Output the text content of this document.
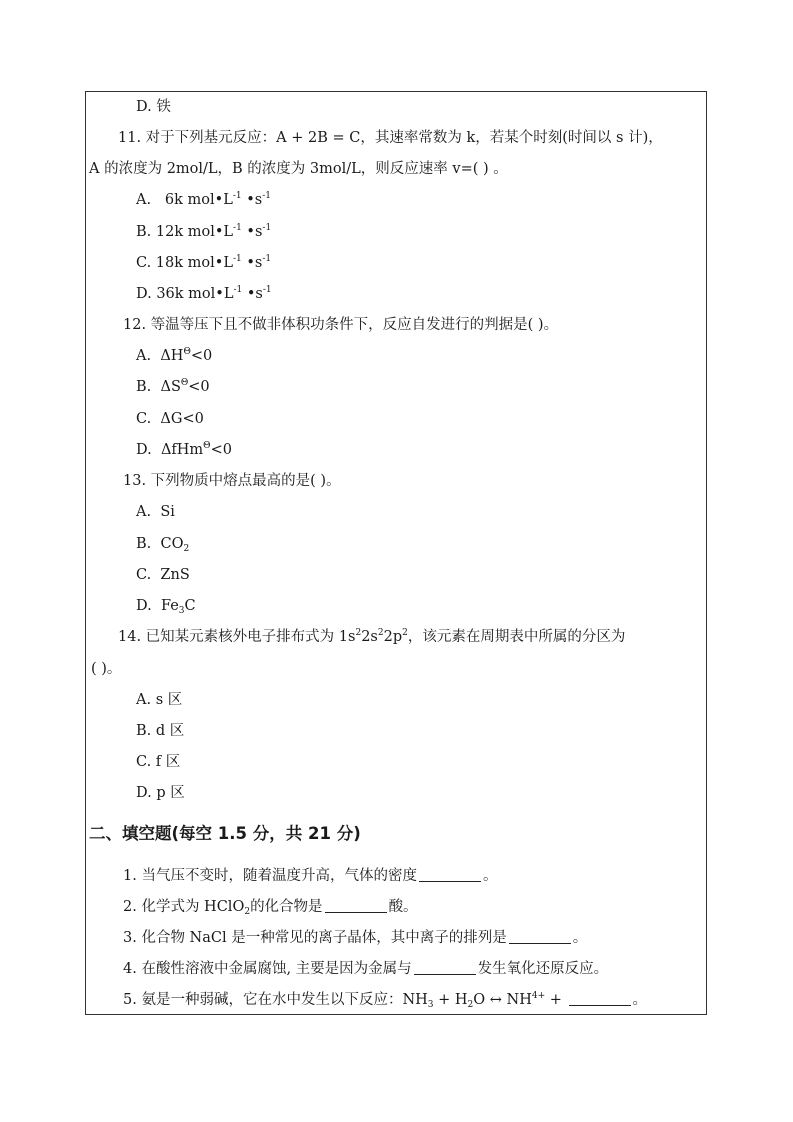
D. 铁
11. 对于下列基元反应：A + 2B = C，其速率常数为 k，若某个时刻(时间以 s 计)，
A 的浓度为 2mol/L，B 的浓度为 3mol/L，则反应速率 v=( ) 。
A.   6k $mol•L^{-1}$ $•s^{-1}$
B. 12k $mol•L^{-1}$ $•s^{-1}$
C. 18k $mol•L^{-1}$ $•s^{-1}$
D. 36k $mol•L^{-1}$ $•s^{-1}$
12. 等温等压下且不做非体积功条件下，反应自发进行的判据是( )。
A. $\Delta H^\Theta<0$
B. $\Delta S^\Theta<0$
C. ΔG<0
D. ΔfHm$^\Theta$<0
13. 下列物质中熔点最高的是( )。
A. Si
B. $CO_2$
C. ZnS
D. $Fe_3C$
14. 已知某元素核外电子排布式为 $1s^22s^22p^2$，该元素在周期表中所属的分区为
( )。
A. s 区
B. d 区
C. f 区
D. p 区
二、填空题(每空 1.5 分，共 21 分)
1. 当气压不变时，随着温度升高，气体的密度	。
2. 化学式为 HClO$_2$的化合物是	酸。
3. 化合物 NaCl 是一种常见的离子晶体，其中离子的排列是	。
4. 在酸性溶液中金属腐蚀, 主要是因为金属与	发生氧化还原反应。
5. 氨是一种弱碱，它在水中发生以下反应：$NH_3 + H_2O$ ↔ $NH^{4+}$ +	。
